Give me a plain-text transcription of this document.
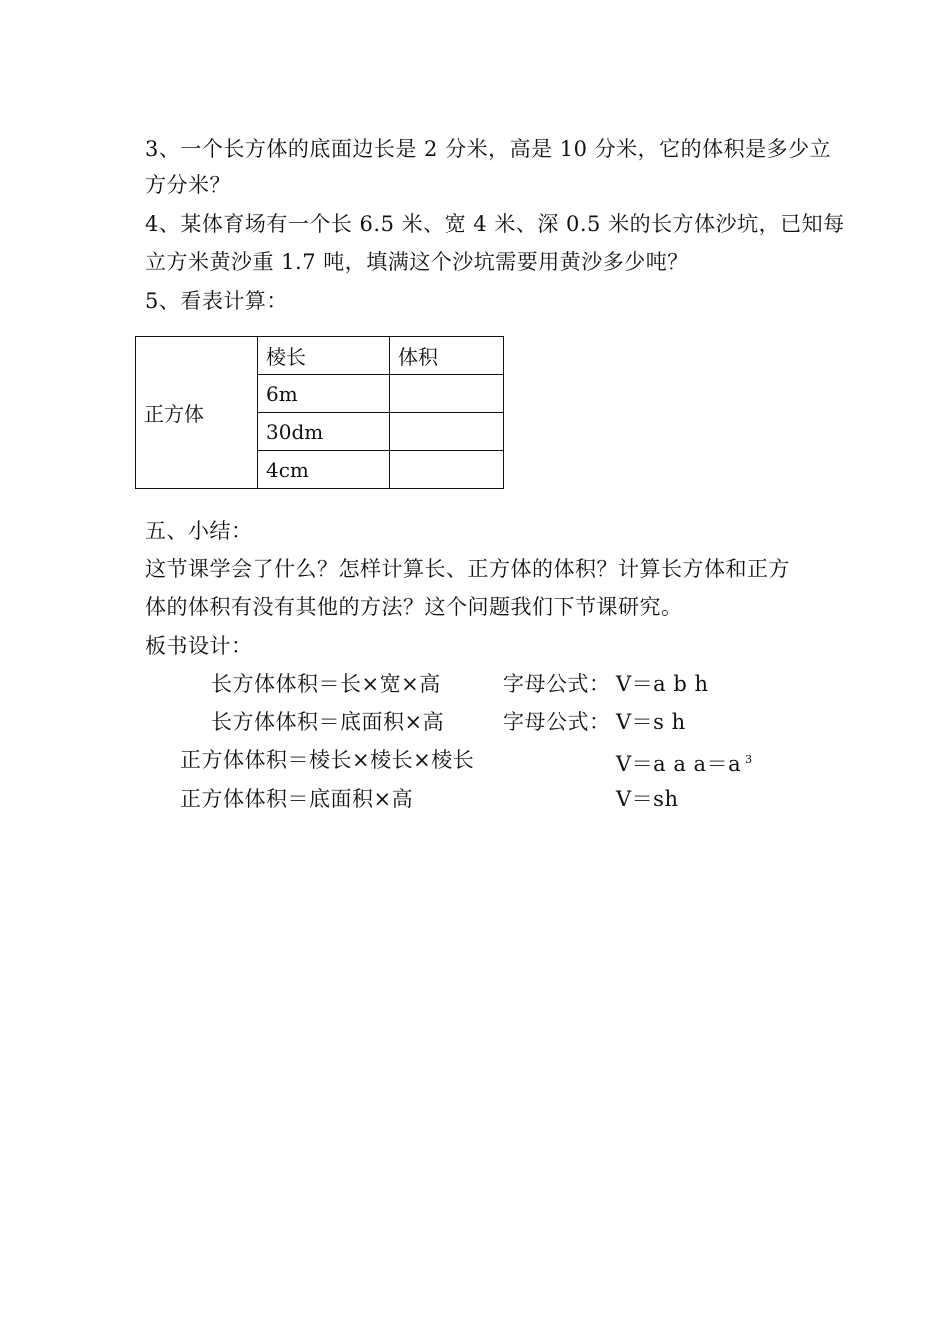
3、一个长方体的底面边长是 2 分米，高是 10 分米，它的体积是多少立
方分米？
4、某体育场有一个长 6.5 米、宽 4 米、深 0.5 米的长方体沙坑，已知每
立方米黄沙重 1.7 吨，填满这个沙坑需要用黄沙多少吨？
5、看表计算：
正方体	棱长	体积
	6m	
	30dm	
	4cm	
五、小结：
这节课学会了什么？怎样计算长、正方体的体积？计算长方体和正方
体的体积有没有其他的方法？这个问题我们下节课研究。
板书设计：
长方体体积＝长×宽×高	字母公式： V＝a b h
长方体体积＝底面积×高	字母公式： V＝s h
正方体体积＝棱长×棱长×棱长	V＝a a a＝a $^3$
正方体体积＝底面积×高	V＝sh
